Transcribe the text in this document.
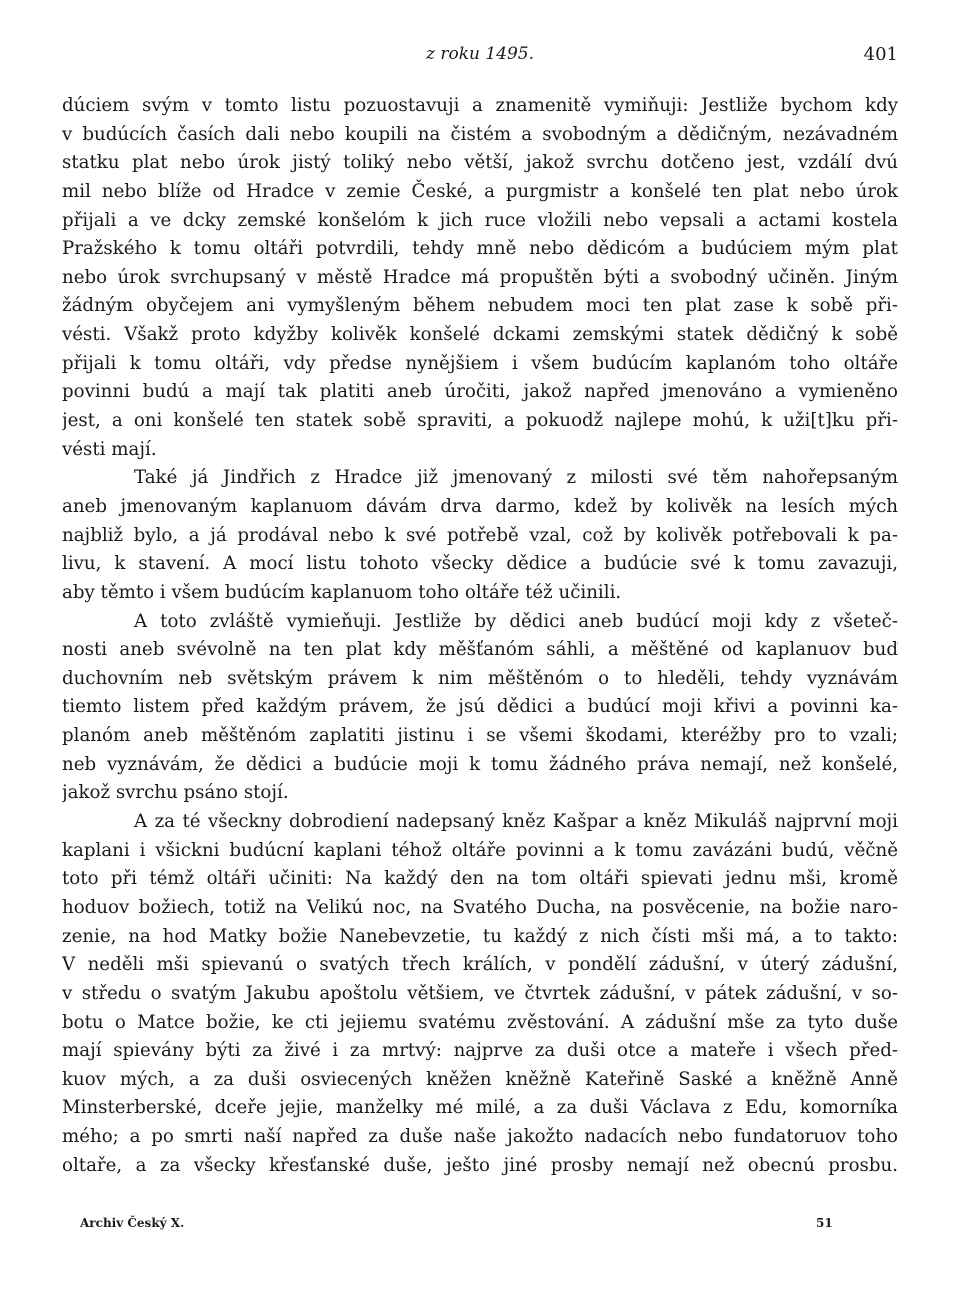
z roku 1495.	401
dúciem svým v tomto listu pozuostavuji a znamenitě vymiňuji: Jestliže bychom kdy
v budúcích časích dali nebo koupili na čistém a svobodným a dědičným, nezávadném
statku plat nebo úrok jistý toliký nebo větší, jakož svrchu dotčeno jest, vzdálí dvú
mil nebo blíže od Hradce v zemie České, a purgmistr a konšelé ten plat nebo úrok
přijali a ve dcky zemské konšelóm k jich ruce vložili nebo vepsali a actami kostela
Pražského k tomu oltáři potvrdili, tehdy mně nebo dědicóm a budúciem mým plat
nebo úrok svrchupsaný v městě Hradce má propuštěn býti a svobodný učiněn. Jiným
žádným obyčejem ani vymyšleným během nebudem moci ten plat zase k sobě při-
vésti. Všakž proto kdyžby kolivěk konšelé dckami zemskými statek dědičný k sobě
přijali k tomu oltáři, vdy předse nynějšiem i všem budúcím kaplanóm toho oltáře
povinni budú a mají tak platiti aneb úročiti, jakož napřed jmenováno a vymieněno
jest, a oni konšelé ten statek sobě spraviti, a pokuodž najlepe mohú, k uži[t]ku při-
vésti mají.
Také já Jindřich z Hradce již jmenovaný z milosti své těm nahořepsaným
aneb jmenovaným kaplanuom dávám drva darmo, kdež by kolivěk na lesích mých
najbliž bylo, a já prodával nebo k své potřebě vzal, což by kolivěk potřebovali k pa-
livu, k stavení. A mocí listu tohoto všecky dědice a budúcie své k tomu zavazuji,
aby těmto i všem budúcím kaplanuom toho oltáře též učinili.
A toto zvláště vymieňuji. Jestliže by dědici aneb budúcí moji kdy z všeteč-
nosti aneb svévolně na ten plat kdy měšťanóm sáhli, a měštěné od kaplanuov buď
duchovním neb světským právem k nim měštěnóm o to hleděli, tehdy vyznávám
tiemto listem před každým právem, že jsú dědici a budúcí moji křivi a povinni ka-
planóm aneb měštěnóm zaplatiti jistinu i se všemi škodami, kteréžby pro to vzali;
neb vyznávám, že dědici a budúcie moji k tomu žádného práva nemají, než konšelé,
jakož svrchu psáno stojí.
A za té všeckny dobrodiení nadepsaný kněz Kašpar a kněz Mikuláš najprvní moji
kaplani i všickni budúcní kaplani téhož oltáře povinni a k tomu zavázáni budú, věčně
toto při témž oltáři učiniti: Na každý den na tom oltáři spievati jednu mši, kromě
hoduov božiech, totiž na Velikú noc, na Svatého Ducha, na posvěcenie, na božie naro-
zenie, na hod Matky božie Nanebevzetie, tu každý z nich čísti mši má, a to takto:
V neděli mši spievanú o svatých třech králích, v pondělí zádušní, v úterý zádušní,
v středu o svatým Jakubu apoštolu většiem, ve čtvrtek zádušní, v pátek zádušní, v so-
botu o Matce božie, ke cti jejiemu svatému zvěstování. A zádušní mše za tyto duše
mají spievány býti za živé i za mrtvý: najprve za duši otce a mateře i všech před-
kuov mých, a za duši osviecených kněžen kněžně Kateřině Saské a kněžně Anně
Minsterberské, dceře jejie, manželky mé milé, a za duši Václava z Edu, komorníka
mého; a po smrti naší napřed za duše naše jakožto nadacích nebo fundatoruov toho
oltaře, a za všecky křesťanské duše, ješto jiné prosby nemají než obecnú prosbu.
Archiv Český X.	51
